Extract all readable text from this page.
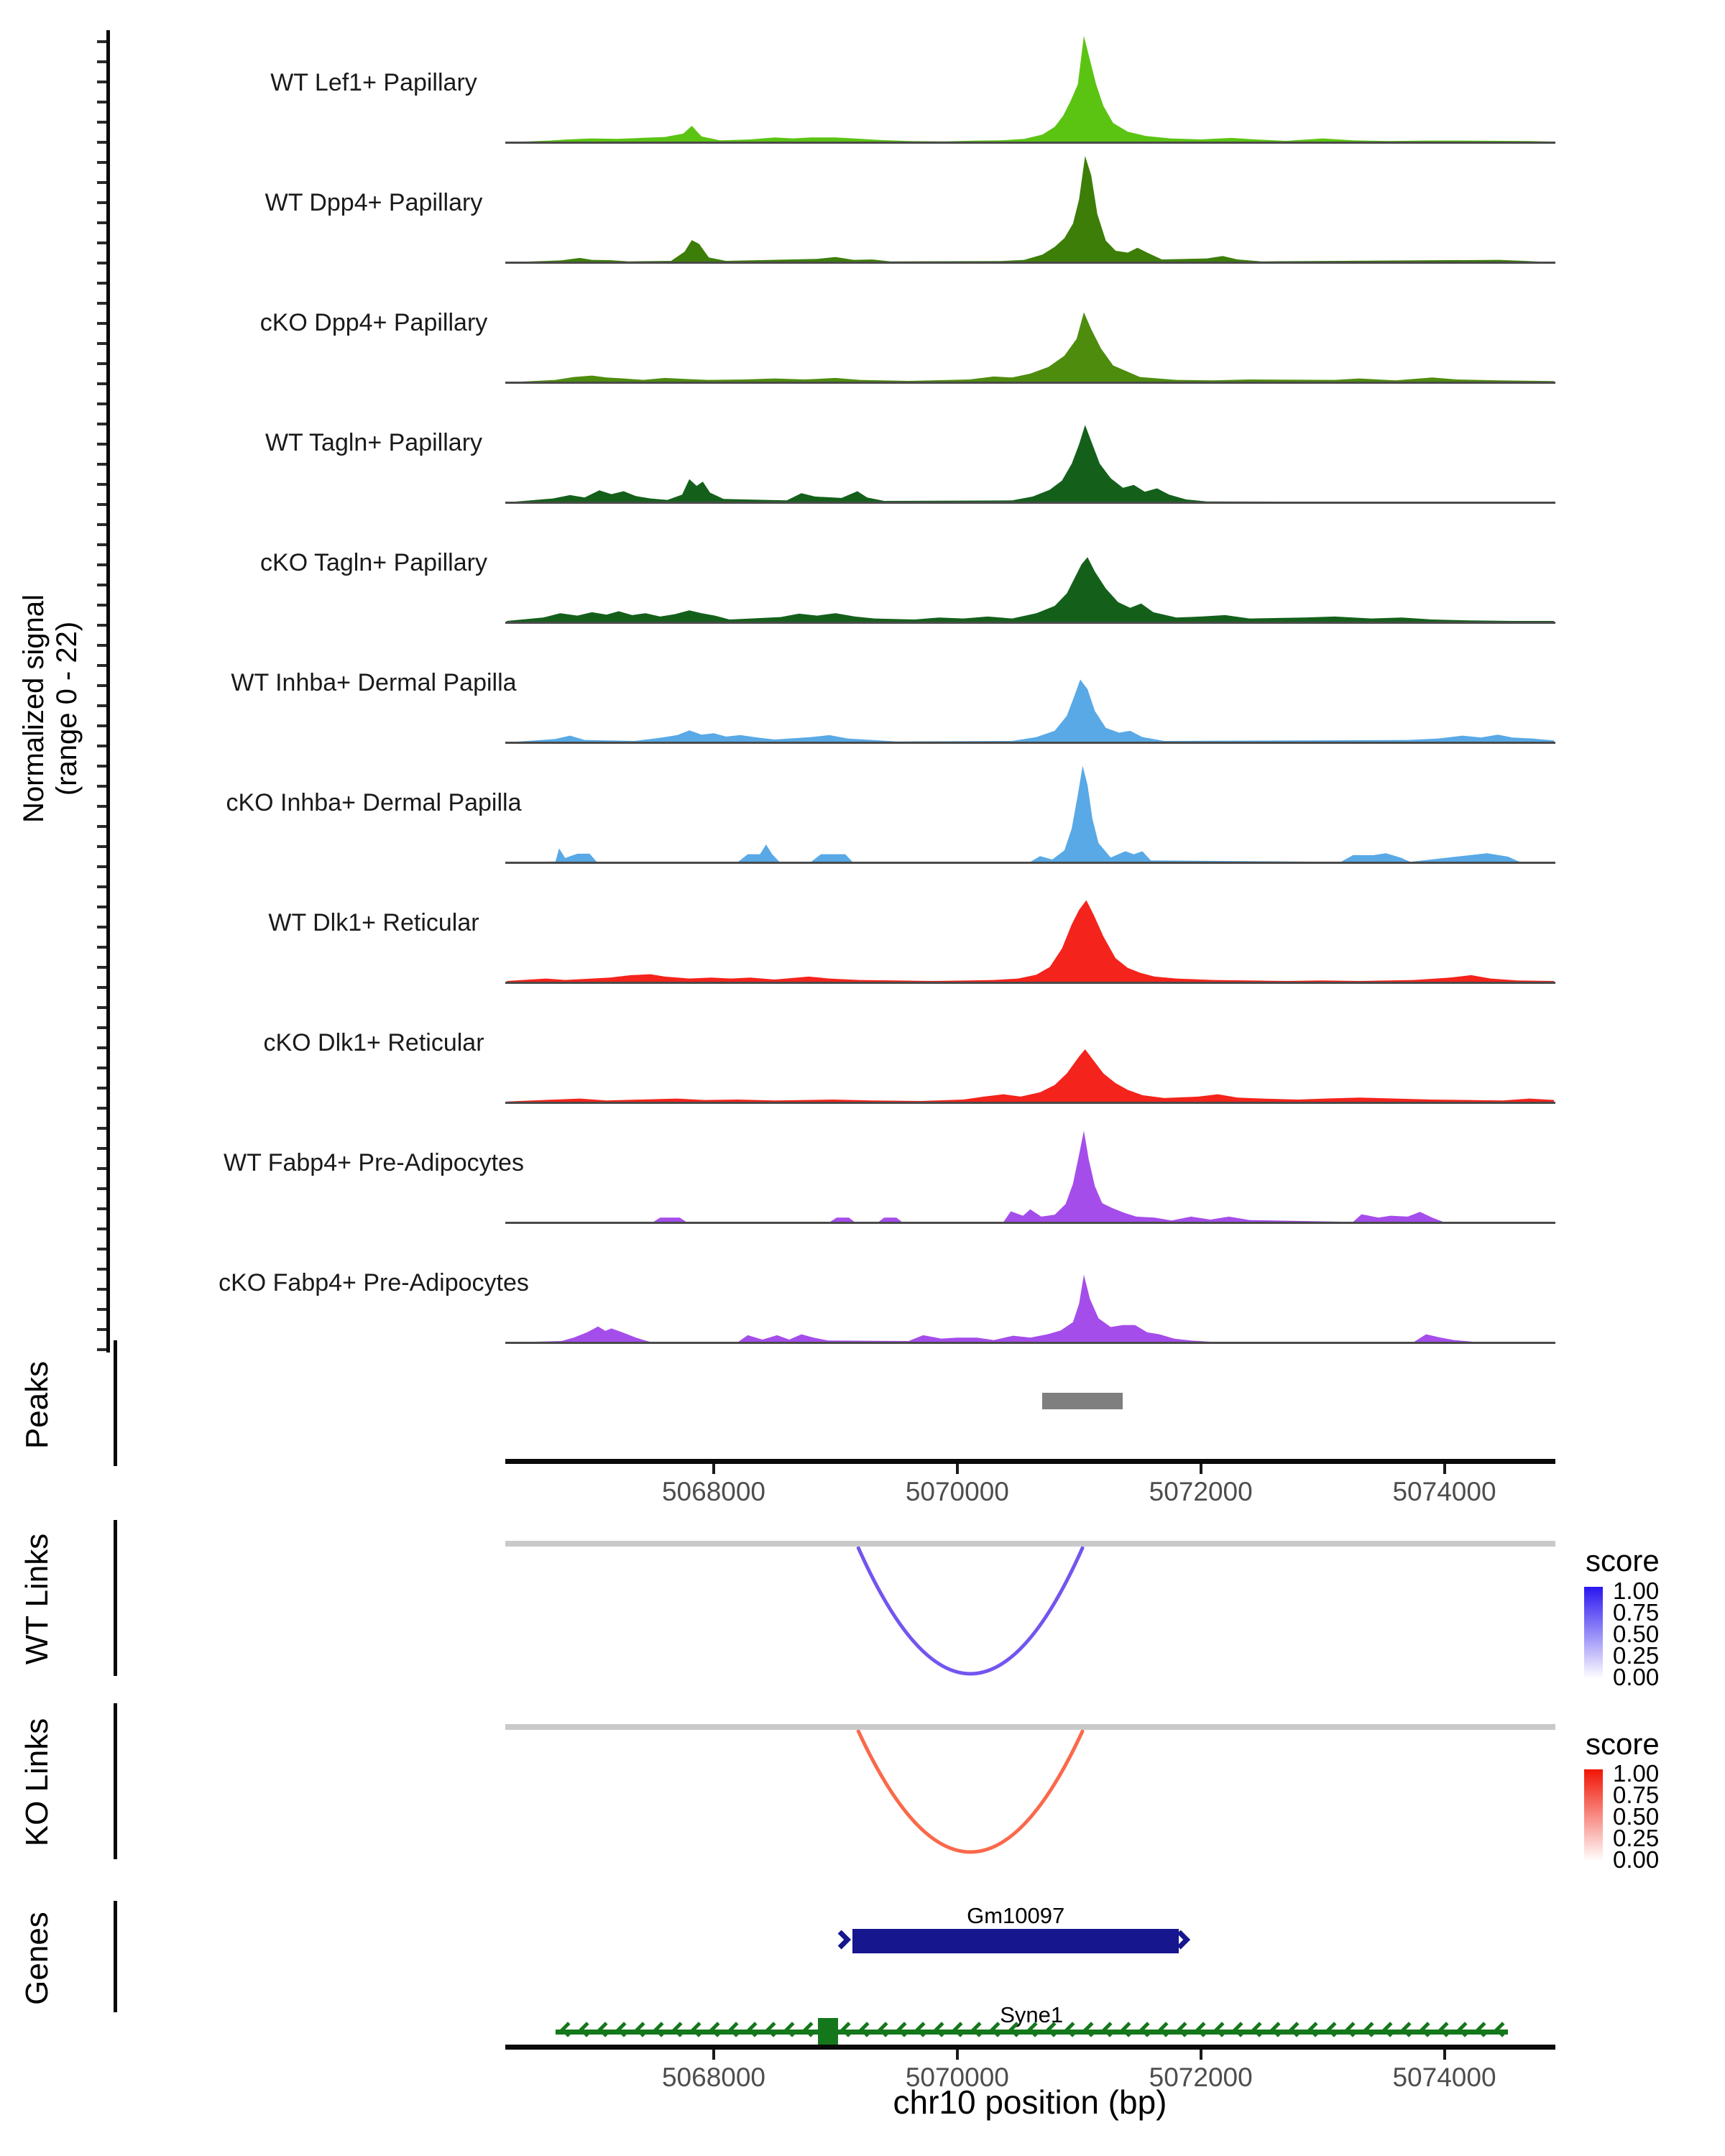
Normalized signal (range 0 - 22)
WT Lef1+ Papillary
WT Dpp4+ Papillary
cKO Dpp4+ Papillary
WT Tagln+ Papillary
cKO Tagln+ Papillary
WT Inhba+ Dermal Papilla
cKO Inhba+ Dermal Papilla
WT Dlk1+ Reticular
cKO Dlk1+ Reticular
WT Fabp4+ Pre-Adipocytes
cKO Fabp4+ Pre-Adipocytes
Peaks
5068000	5070000	5072000	5074000
WT Links	score
1.00
0.75
0.50
0.25
0.00
KO Links	score
1.00
0.75
0.50
0.25
0.00
Genes	Gm10097
Syne1
5068000	5070000	5072000	5074000
chr10 position (bp)
